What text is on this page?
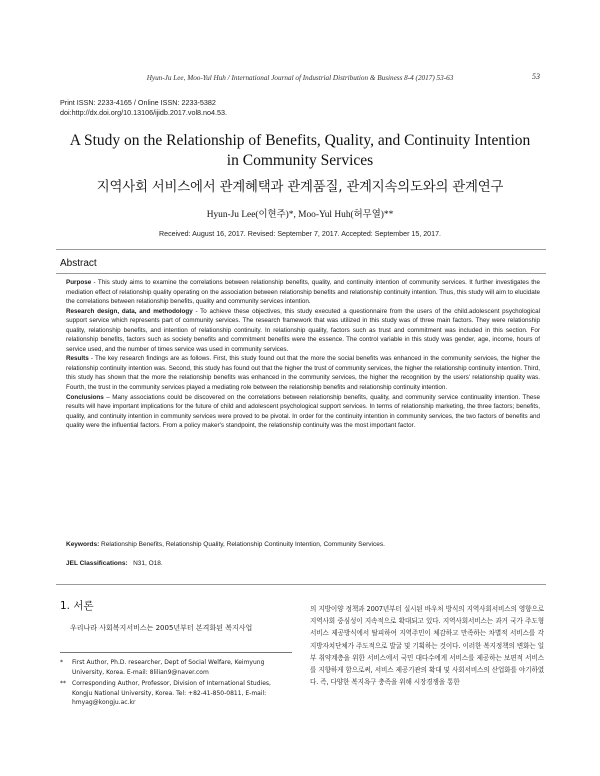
Hyun-Ju Lee, Moo-Yul Huh / International Journal of Industrial Distribution & Business 8-4 (2017) 53-63	53
Print ISSN: 2233-4165 / Online ISSN: 2233-5382
doi:http://dx.doi.org/10.13106/ijidb.2017.vol8.no4.53.
A Study on the Relationship of Benefits, Quality, and Continuity Intention
in Community Services
지역사회 서비스에서 관계혜택과 관계품질, 관계지속의도와의 관계연구
Hyun-Ju Lee(이현주)*, Moo-Yul Huh(허무열)**
Received: August 16, 2017. Revised: September 7, 2017. Accepted: September 15, 2017.
Abstract

Purpose - This study aims to examine the correlations between relationship benefits, quality, and continuity intention of community services. It further investigates the mediation effect of relationship quality operating on the association between relationship benefits and relationship continuity intention. Thus, this study will aim to elucidate the correlations between relationship benefits, quality and community services intention.

Research design, data, and methodology - To achieve these objectives, this study executed a questionnaire from the users of the child.adolescent psychological support service which represents part of community services. The research framework that was utilized in this study was of three main factors. They were relationship quality, relationship benefits, and intention of relationship continuity. In relationship quality, factors such as trust and commitment was included in this section. For relationship benefits, factors such as society benefits and commitment benefits were the essence. The control variable in this study was gender, age, income, hours of service used, and the number of times service was used in community services.

Results - The key research findings are as follows. First, this study found out that the more the social benefits was enhanced in the community services, the higher the relationship continuity intention was. Second, this study has found out that the higher the trust of community services, the higher the relationship continuity intention. Third, this study has shown that the more the relationship benefits was enhanced in the community services, the higher the recognition by the users' relationship quality was. Fourth, the trust in the community services played a mediating role between the relationship benefits and relationship continuity intention.

Conclusions – Many associations could be discovered on the correlations between relationship benefits, quality, and community service continuality intention. These results will have important implications for the future of child and adolescent psychological support services. In terms of relationship marketing, the three factors; benefits, quality, and continuity intention in community services were proved to be pivotal. In order for the continuity intention in community services, the two factors of benefits and quality were the influential factors. From a policy maker's standpoint, the relationship continuity was the most important factor.

Keywords: Relationship Benefits, Relationship Quality, Relationship Continuity Intention, Community Services.
JEL Classifications:   N31, O18.
1. 서론
우리나라 사회복지서비스는 2005년부터 본격화된 복지사업
*	First Author, Ph.D. researcher, Dept of Social Welfare, Keimyung University, Korea. E-mail: 8lilian9@naver.com
**	Corresponding Author, Professor, Division of International Studies, Kongju National University, Korea. Tel: +82-41-850-0811, E-mail: hmyag@kongju.ac.kr
의 지방이양 정책과 2007년부터 실시된 바우처 방식의 지역사회서비스의 영향으로 지역사회 중심성이 지속적으로 확대되고 있다. 지역사회서비스는 과거 국가 주도형 서비스 제공방식에서 탈피하여 지역주민이 체감하고 만족하는 차별적 서비스를 각 지방자치단체가 주도적으로 발굴 및 기획하는 것이다. 이러한 복지정책의 변화는 일부 취약계층을 위한 서비스에서 국민 대다수에게 서비스를 제공하는 보편적 서비스를 지향하게 함으로써, 서비스 제공기관의 확대 및 사회서비스의 산업화를 야기하였다. 즉, 다양한 복지욕구 충족을 위해 시장경쟁을 통한
